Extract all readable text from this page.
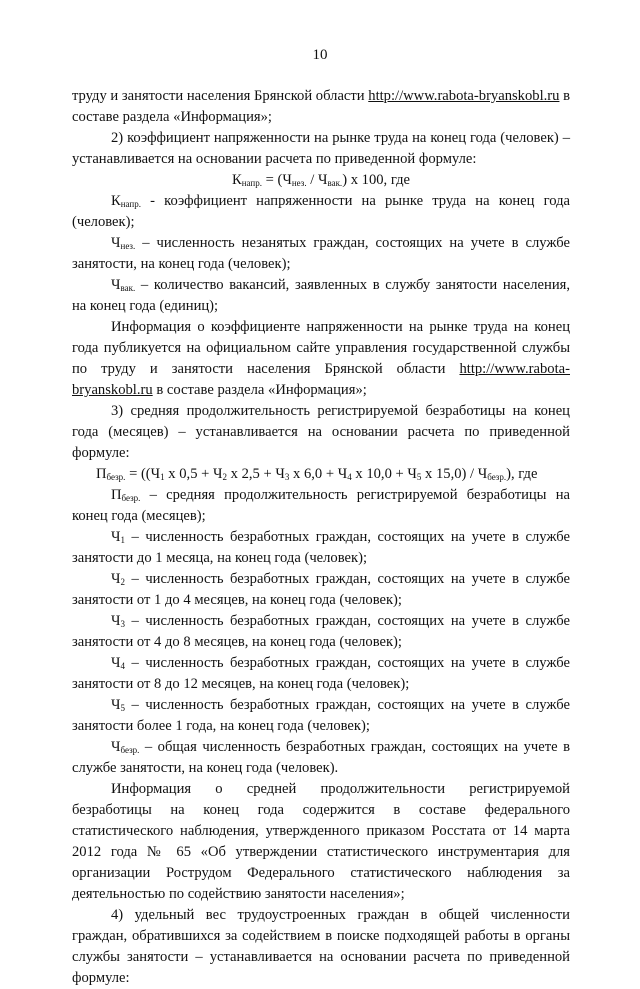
10

труду и занятости населения Брянской области http://www.rabota-bryanskobl.ru в составе раздела «Информация»;

2) коэффициент напряженности на рынке труда на конец года (человек) – устанавливается на основании расчета по приведенной формуле:

$К_{напр.} = (Ч_{нез.} / Ч_{вак.})$ х 100, где

$К_{напр.}$ - коэффициент напряженности на рынке труда на конец года (человек);

$Ч_{нез.}$ – численность незанятых граждан, состоящих на учете в службе занятости, на конец года (человек);

$Ч_{вак.}$ – количество вакансий, заявленных в службу занятости населения, на конец года (единиц);

Информация о коэффициенте напряженности на рынке труда на конец года публикуется на официальном сайте управления государственной службы по труду и занятости населения Брянской области http://www.rabota-bryanskobl.ru в составе раздела «Информация»;

3) средняя продолжительность регистрируемой безработицы на конец года (месяцев) – устанавливается на основании расчета по приведенной формуле:

$П_{безр.} = ((Ч_1$ х $0,5 + Ч_2$ х $2,5 + Ч_3$ х $6,0 + Ч_4$ х $10,0 + Ч_5$ х $15,0) / Ч_{безр.}$), где

$П_{безр.}$ – средняя продолжительность регистрируемой безработицы на конец года (месяцев);

$Ч_1$ – численность безработных граждан, состоящих на учете в службе занятости до 1 месяца, на конец года (человек);

$Ч_2$ – численность безработных граждан, состоящих на учете в службе занятости от 1 до 4 месяцев, на конец года (человек);

$Ч_3$ – численность безработных граждан, состоящих на учете в службе занятости от 4 до 8 месяцев, на конец года (человек);

$Ч_4$ – численность безработных граждан, состоящих на учете в службе занятости от 8 до 12 месяцев, на конец года (человек);

$Ч_5$ – численность безработных граждан, состоящих на учете в службе занятости более 1 года, на конец года (человек);

$Ч_{безр.}$ – общая численность безработных граждан, состоящих на учете в службе занятости, на конец года (человек).

Информация о средней продолжительности регистрируемой безработицы на конец года содержится в составе федерального статистического наблюдения, утвержденного приказом Росстата от 14 марта 2012 года № 65 «Об утверждении статистического инструментария для организации Рострудом Федерального статистического наблюдения за деятельностью по содействию занятости населения»;

4) удельный вес трудоустроенных граждан в общей численности граждан, обратившихся за содействием в поиске подходящей работы в органы службы занятости – устанавливается на основании расчета по приведенной формуле:
